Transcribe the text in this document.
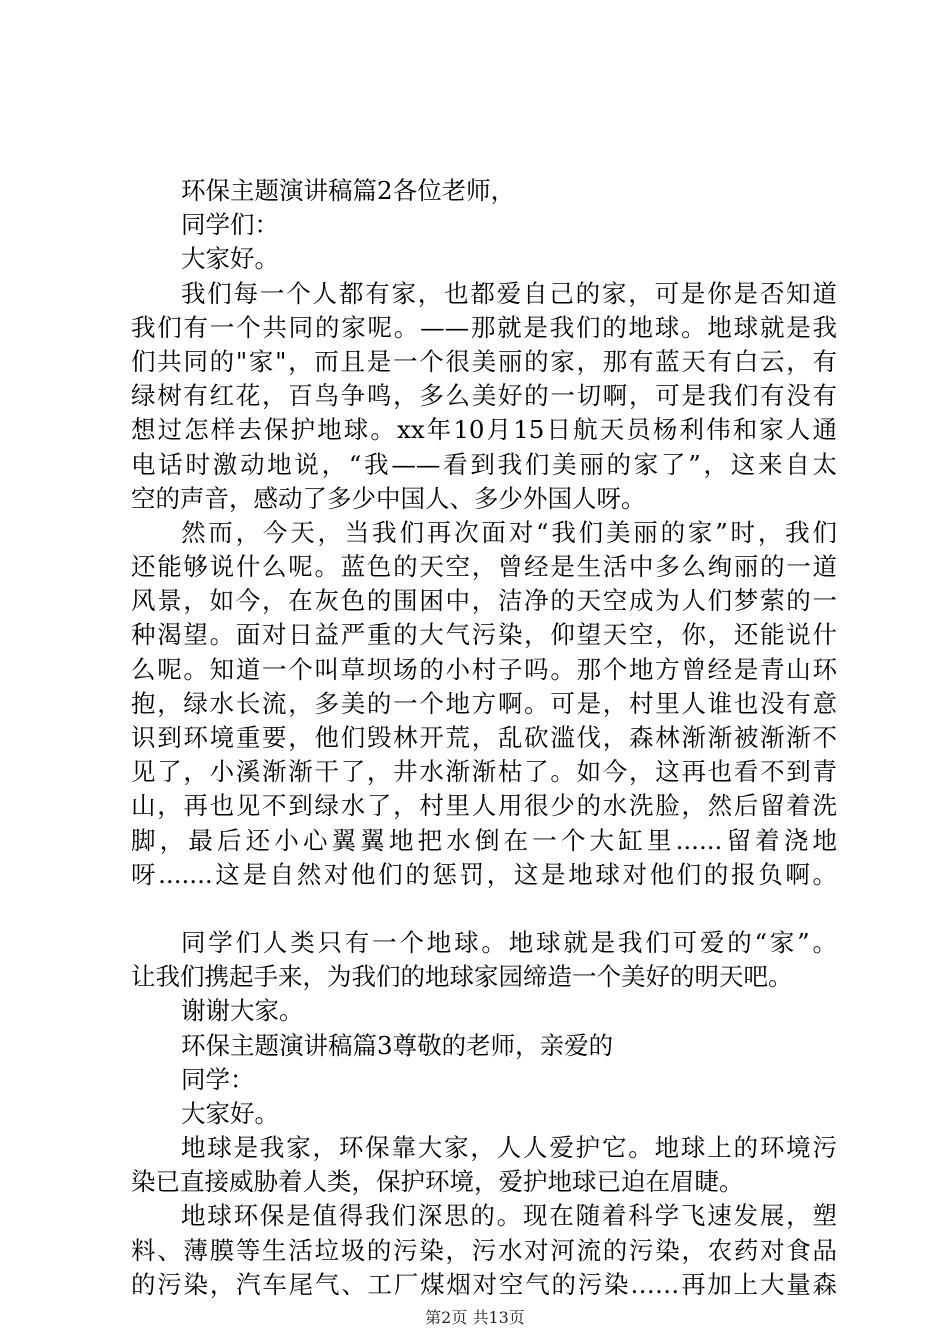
环保主题演讲稿篇2各位老师，
同学们：
大家好。
我们每一个人都有家，也都爱自己的家，可是你是否知道
我们有一个共同的家呢。——那就是我们的地球。地球就是我
们共同的"家"，而且是一个很美丽的家，那有蓝天有白云，有
绿树有红花，百鸟争鸣，多么美好的一切啊，可是我们有没有
想过怎样去保护地球。xx年10月15日航天员杨利伟和家人通
电话时激动地说，“我——看到我们美丽的家了”，这来自太
空的声音，感动了多少中国人、多少外国人呀。
然而，今天，当我们再次面对“我们美丽的家”时，我们
还能够说什么呢。蓝色的天空，曾经是生活中多么绚丽的一道
风景，如今，在灰色的围困中，洁净的天空成为人们梦萦的一
种渴望。面对日益严重的大气污染，仰望天空，你，还能说什
么呢。知道一个叫草坝场的小村子吗。那个地方曾经是青山环
抱，绿水长流，多美的一个地方啊。可是，村里人谁也没有意
识到环境重要，他们毁林开荒，乱砍滥伐，森林渐渐被渐渐不
见了，小溪渐渐干了，井水渐渐枯了。如今，这再也看不到青
山，再也见不到绿水了，村里人用很少的水洗脸，然后留着洗
脚，最后还小心翼翼地把水倒在一个大缸里......留着浇地
呀.......这是自然对他们的惩罚，这是地球对他们的报负啊。
同学们人类只有一个地球。地球就是我们可爱的“家”。
让我们携起手来，为我们的地球家园缔造一个美好的明天吧。
谢谢大家。
环保主题演讲稿篇3尊敬的老师，亲爱的
同学：
大家好。
地球是我家，环保靠大家，人人爱护它。地球上的环境污
染已直接威胁着人类，保护环境，爱护地球已迫在眉睫。
地球环保是值得我们深思的。现在随着科学飞速发展，塑
料、薄膜等生活垃圾的污染，污水对河流的污染，农药对食品
的污染，汽车尾气、工厂煤烟对空气的污染……再加上大量森
第2页 共13页
